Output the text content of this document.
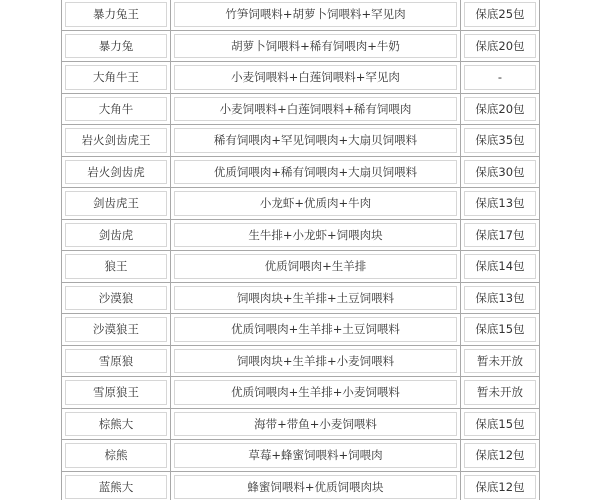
暴力兔王	竹笋饲喂料+胡萝卜饲喂料+罕见肉	保底25包

暴力兔	胡萝卜饲喂料+稀有饲喂肉+牛奶	保底20包

大角牛王	小麦饲喂料+白莲饲喂料+罕见肉	-

大角牛	小麦饲喂料+白莲饲喂料+稀有饲喂肉	保底20包

岩火剑齿虎王	稀有饲喂肉+罕见饲喂肉+大扇贝饲喂料	保底35包

岩火剑齿虎	优质饲喂肉+稀有饲喂肉+大扇贝饲喂料	保底30包

剑齿虎王	小龙虾+优质肉+牛肉	保底13包

剑齿虎	生牛排+小龙虾+饲喂肉块	保底17包

狼王	优质饲喂肉+生羊排	保底14包

沙漠狼	饲喂肉块+生羊排+土豆饲喂料	保底13包

沙漠狼王	优质饲喂肉+生羊排+土豆饲喂料	保底15包

雪原狼	饲喂肉块+生羊排+小麦饲喂料	暂未开放

雪原狼王	优质饲喂肉+生羊排+小麦饲喂料	暂未开放

棕熊大	海带+带鱼+小麦饲喂料	保底15包

棕熊	草莓+蜂蜜饲喂料+饲喂肉	保底12包

蓝熊大	蜂蜜饲喂料+优质饲喂肉块	保底12包
